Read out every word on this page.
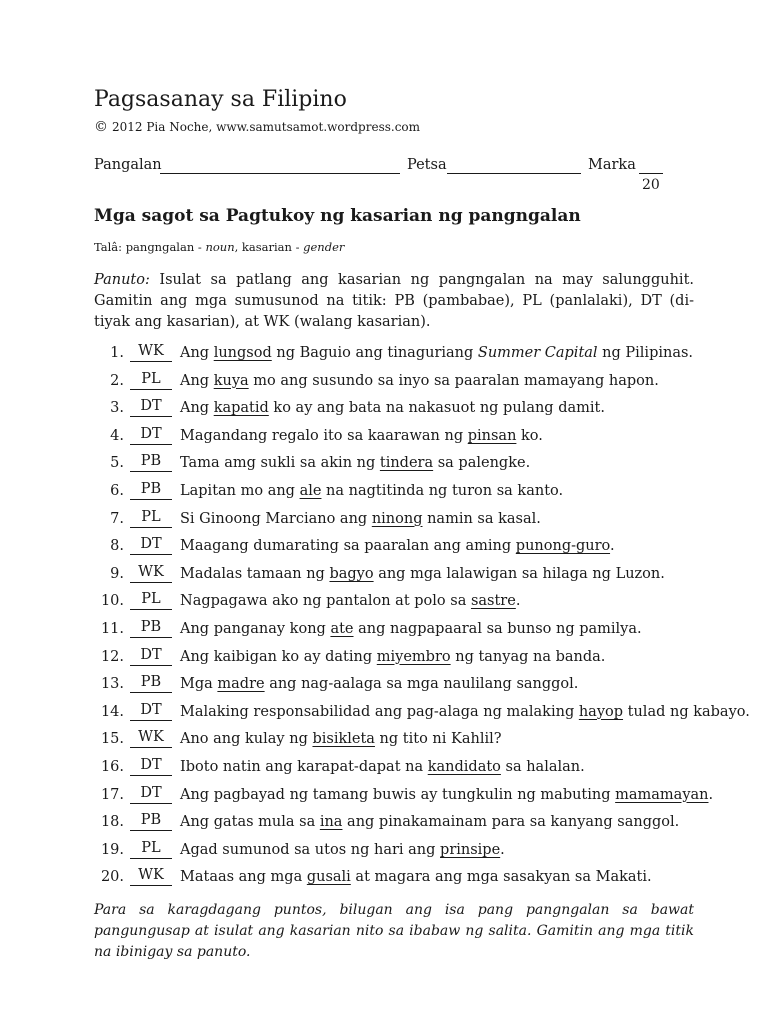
Pagsasanay sa Filipino
© 2012 Pia Noche, www.samutsamot.wordpress.com
Pangalan	Petsa	Marka
20
Mga sagot sa Pagtukoy ng kasarian ng pangngalan
Talâ: pangngalan - noun, kasarian - gender
Panuto: Isulat sa patlang ang kasarian ng pangngalan na may salungguhit. Gamitin ang mga sumusunod na titik: PB (pambabae), PL (panlalaki), DT (di-tiyak ang kasarian), at WK (walang kasarian).
1. WK	Ang lungsod ng Baguio ang tinaguriang Summer Capital ng Pilipinas.
2.	PL	Ang kuya mo ang susundo sa inyo sa paaralan mamayang hapon.
3.	DT	Ang kapatid ko ay ang bata na nakasuot ng pulang damit.
4.	DT	Magandang regalo ito sa kaarawan ng pinsan ko.
5.	PB	Tama amg sukli sa akin ng tindera sa palengke.
6.	PB	Lapitan mo ang ale na nagtitinda ng turon sa kanto.
7.	PL	Si Ginoong Marciano ang ninong namin sa kasal.
8.	DT	Maagang dumarating sa paaralan ang aming punong-guro.
9. WK	Madalas tamaan ng bagyo ang mga lalawigan sa hilaga ng Luzon.
10.	PL	Nagpagawa ako ng pantalon at polo sa sastre.
11.	PB	Ang panganay kong ate ang nagpapaaral sa bunso ng pamilya.
12.	DT	Ang kaibigan ko ay dating miyembro ng tanyag na banda.
13.	PB	Mga madre ang nag-aalaga sa mga naulilang sanggol.
14.	DT	Malaking responsabilidad ang pag-alaga ng malaking hayop tulad ng kabayo.
15. WK	Ano ang kulay ng bisikleta ng tito ni Kahlil?
16.	DT	Iboto natin ang karapat-dapat na kandidato sa halalan.
17.	DT	Ang pagbayad ng tamang buwis ay tungkulin ng mabuting mamamayan.
18.	PB	Ang gatas mula sa ina ang pinakamainam para sa kanyang sanggol.
19.	PL	Agad sumunod sa utos ng hari ang prinsipe.
20. WK	Mataas ang mga gusali at magara ang mga sasakyan sa Makati.
Para sa karagdagang puntos, bilugan ang isa pang pangngalan sa bawat pangungusap at isulat ang kasarian nito sa ibabaw ng salita. Gamitin ang mga titik na ibinigay sa panuto.
